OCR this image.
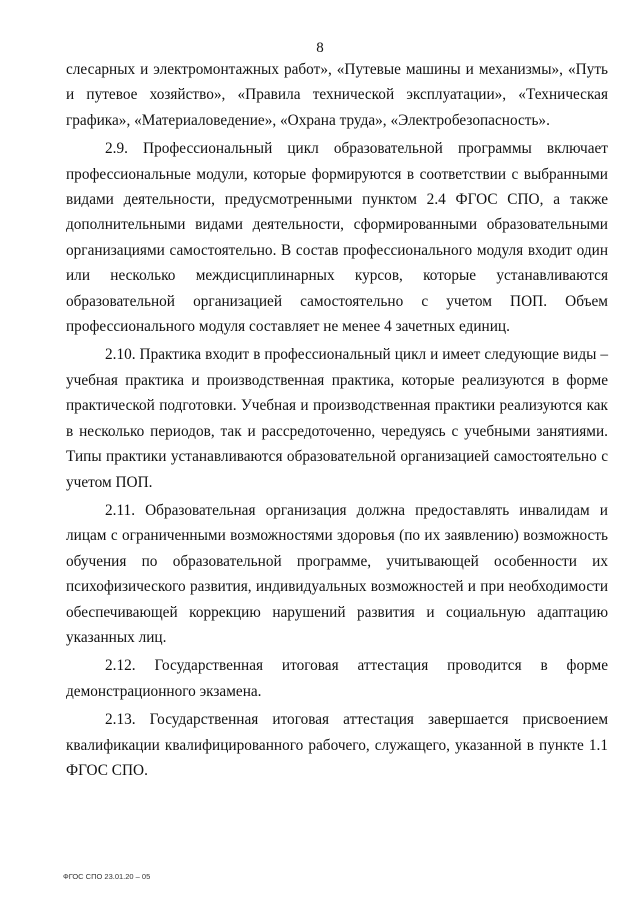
8

слесарных и электромонтажных работ», «Путевые машины и механизмы», «Путь и путевое хозяйство», «Правила технической эксплуатации», «Техническая графика», «Материаловедение», «Охрана труда», «Электробезопасность».

2.9. Профессиональный цикл образовательной программы включает профессиональные модули, которые формируются в соответствии с выбранными видами деятельности, предусмотренными пунктом 2.4 ФГОС СПО, а также дополнительными видами деятельности, сформированными образовательными организациями самостоятельно. В состав профессионального модуля входит один или несколько междисциплинарных курсов, которые устанавливаются образовательной организацией самостоятельно с учетом ПОП. Объем профессионального модуля составляет не менее 4 зачетных единиц.

2.10. Практика входит в профессиональный цикл и имеет следующие виды – учебная практика и производственная практика, которые реализуются в форме практической подготовки. Учебная и производственная практики реализуются как в несколько периодов, так и рассредоточенно, чередуясь с учебными занятиями. Типы практики устанавливаются образовательной организацией самостоятельно с учетом ПОП.

2.11. Образовательная организация должна предоставлять инвалидам и лицам с ограниченными возможностями здоровья (по их заявлению) возможность обучения по образовательной программе, учитывающей особенности их психофизического развития, индивидуальных возможностей и при необходимости обеспечивающей коррекцию нарушений развития и социальную адаптацию указанных лиц.

2.12. Государственная итоговая аттестация проводится в форме демонстрационного экзамена.

2.13. Государственная итоговая аттестация завершается присвоением квалификации квалифицированного рабочего, служащего, указанной в пункте 1.1 ФГОС СПО.

ФГОС СПО 23.01.20 – 05
